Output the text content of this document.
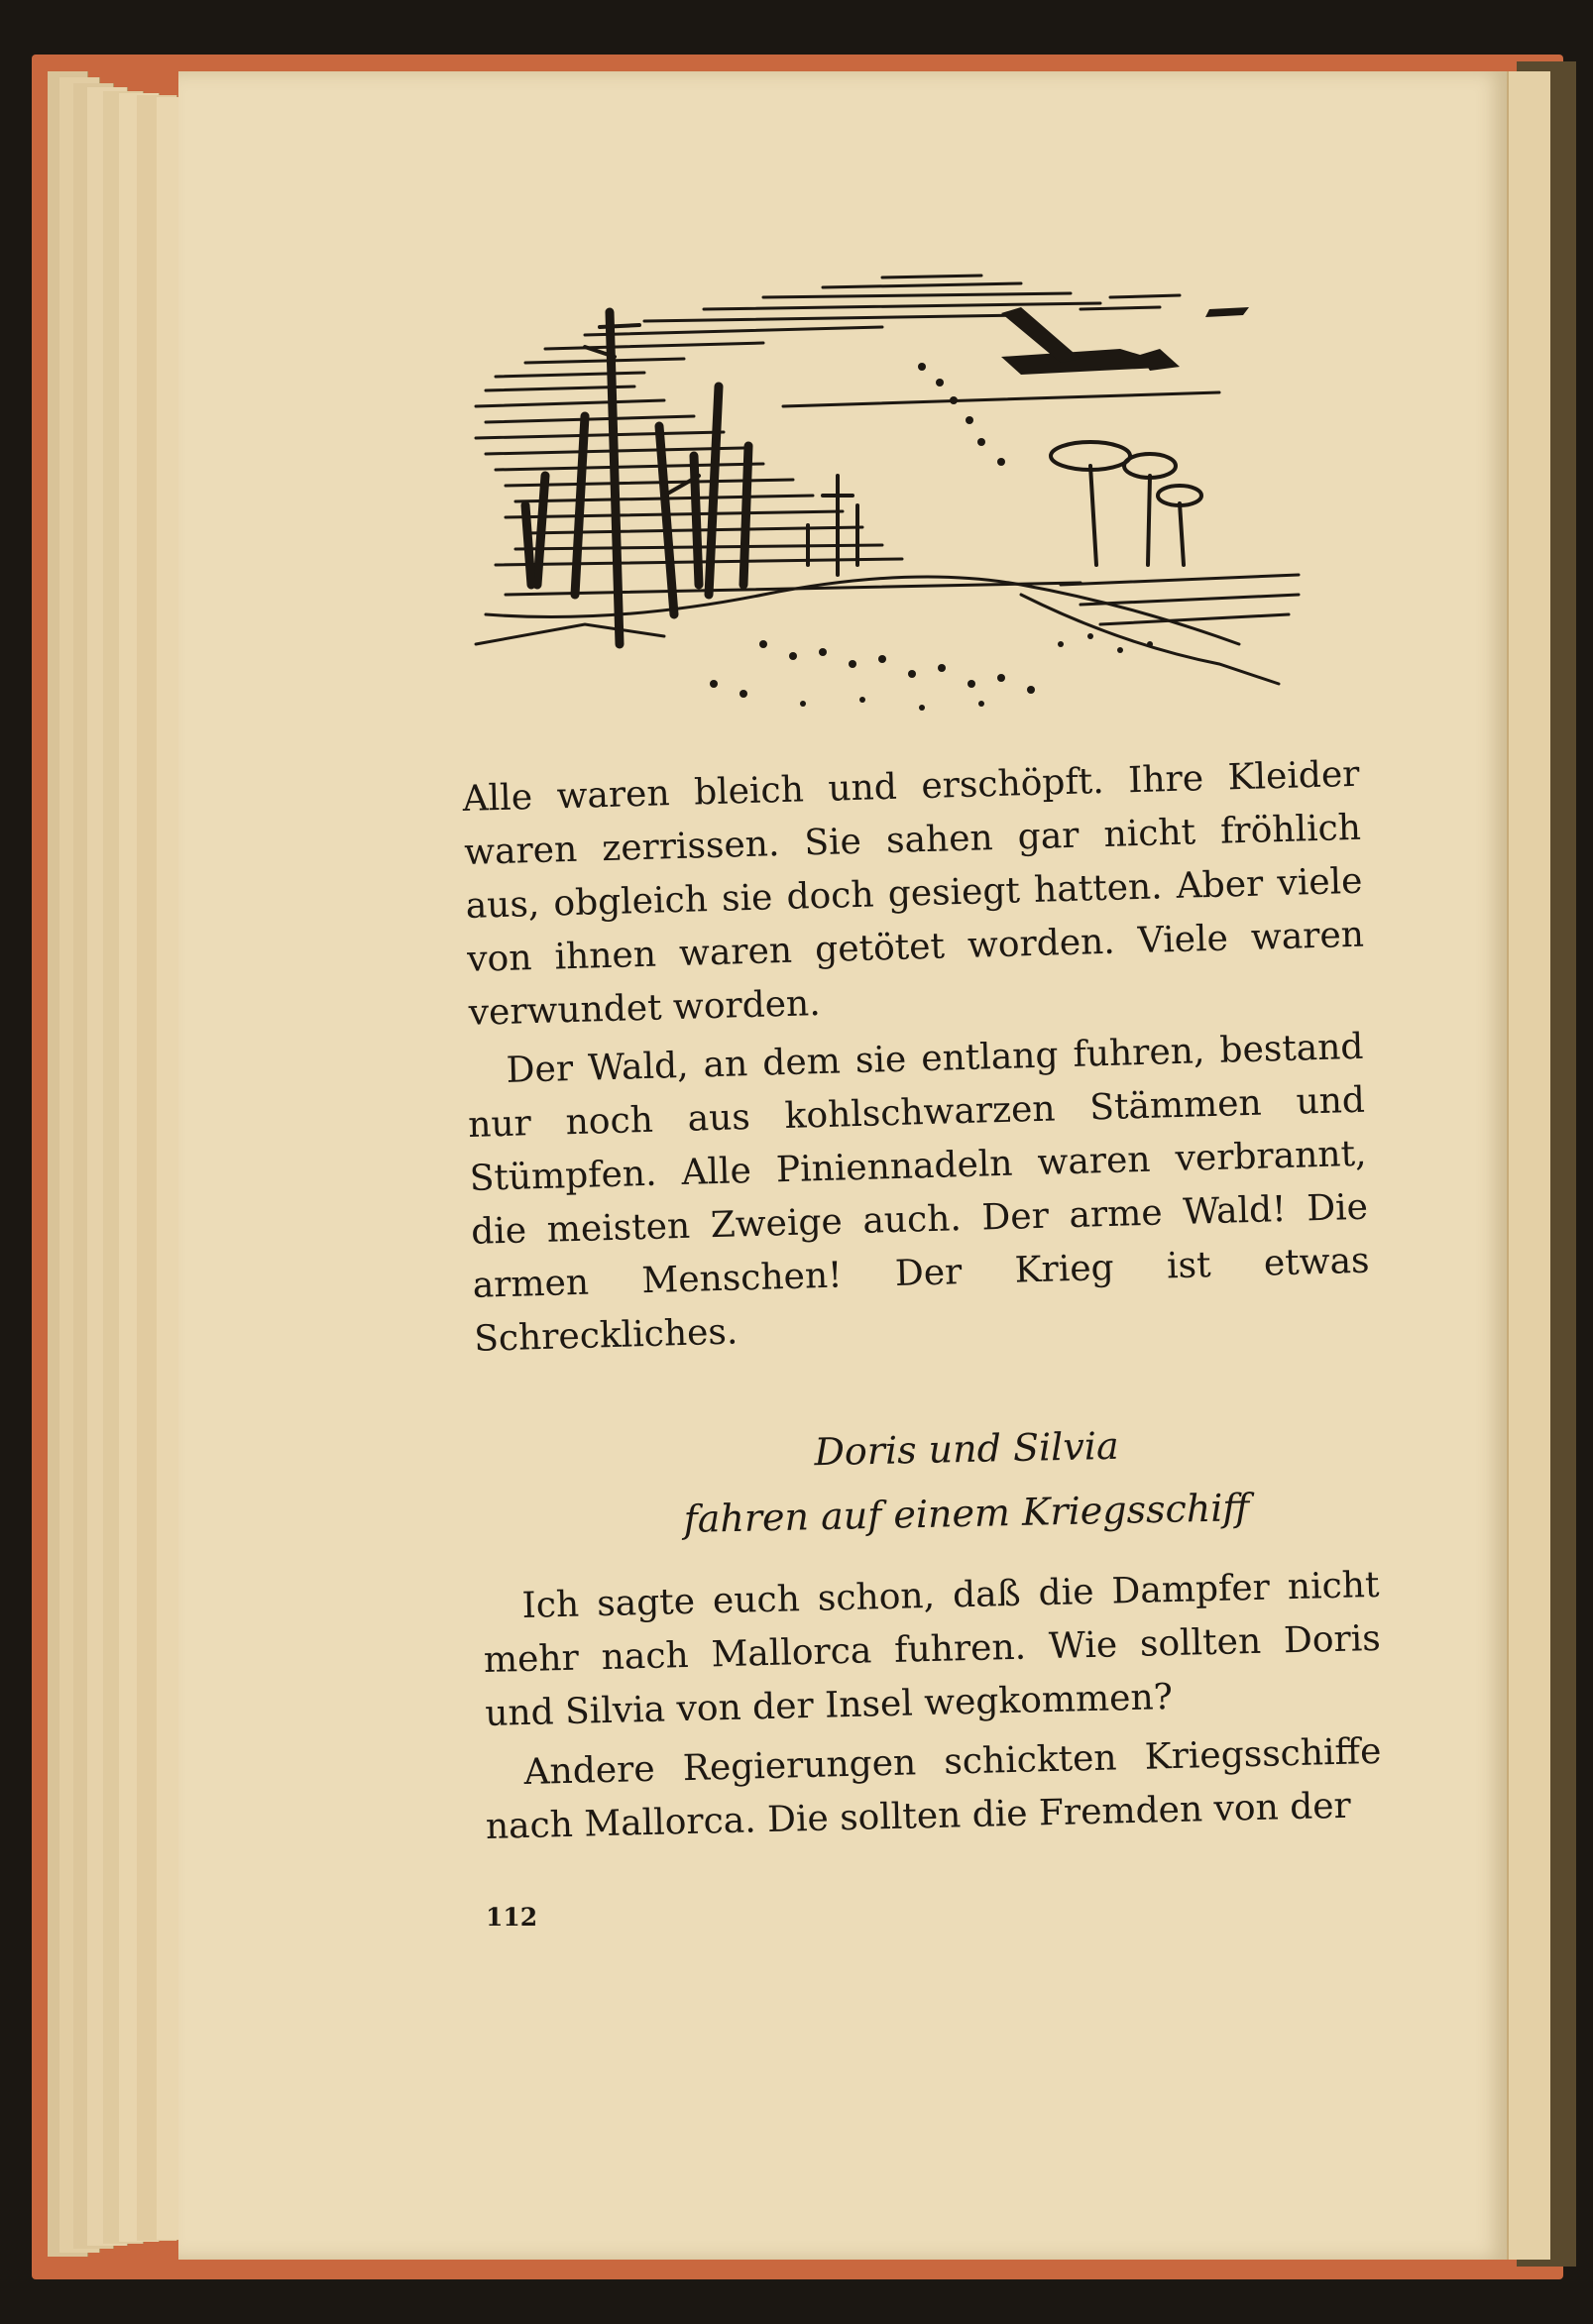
Alle waren bleich und erschöpft. Ihre Kleider waren zerrissen. Sie sahen gar nicht fröhlich aus, obgleich sie doch gesiegt hatten. Aber viele von ihnen waren getötet worden. Viele waren verwundet worden.

Der Wald, an dem sie entlang fuhren, bestand nur noch aus kohlschwarzen Stämmen und Stümpfen. Alle Piniennadeln waren verbrannt, die meisten Zweige auch. Der arme Wald! Die armen Menschen! Der Krieg ist etwas Schreckliches.

Doris und Silvia

fahren auf einem Kriegsschiff

Ich sagte euch schon, daß die Dampfer nicht mehr nach Mallorca fuhren. Wie sollten Doris und Silvia von der Insel wegkommen?

Andere Regierungen schickten Kriegsschiffe nach Mallorca. Die sollten die Fremden von der

112
